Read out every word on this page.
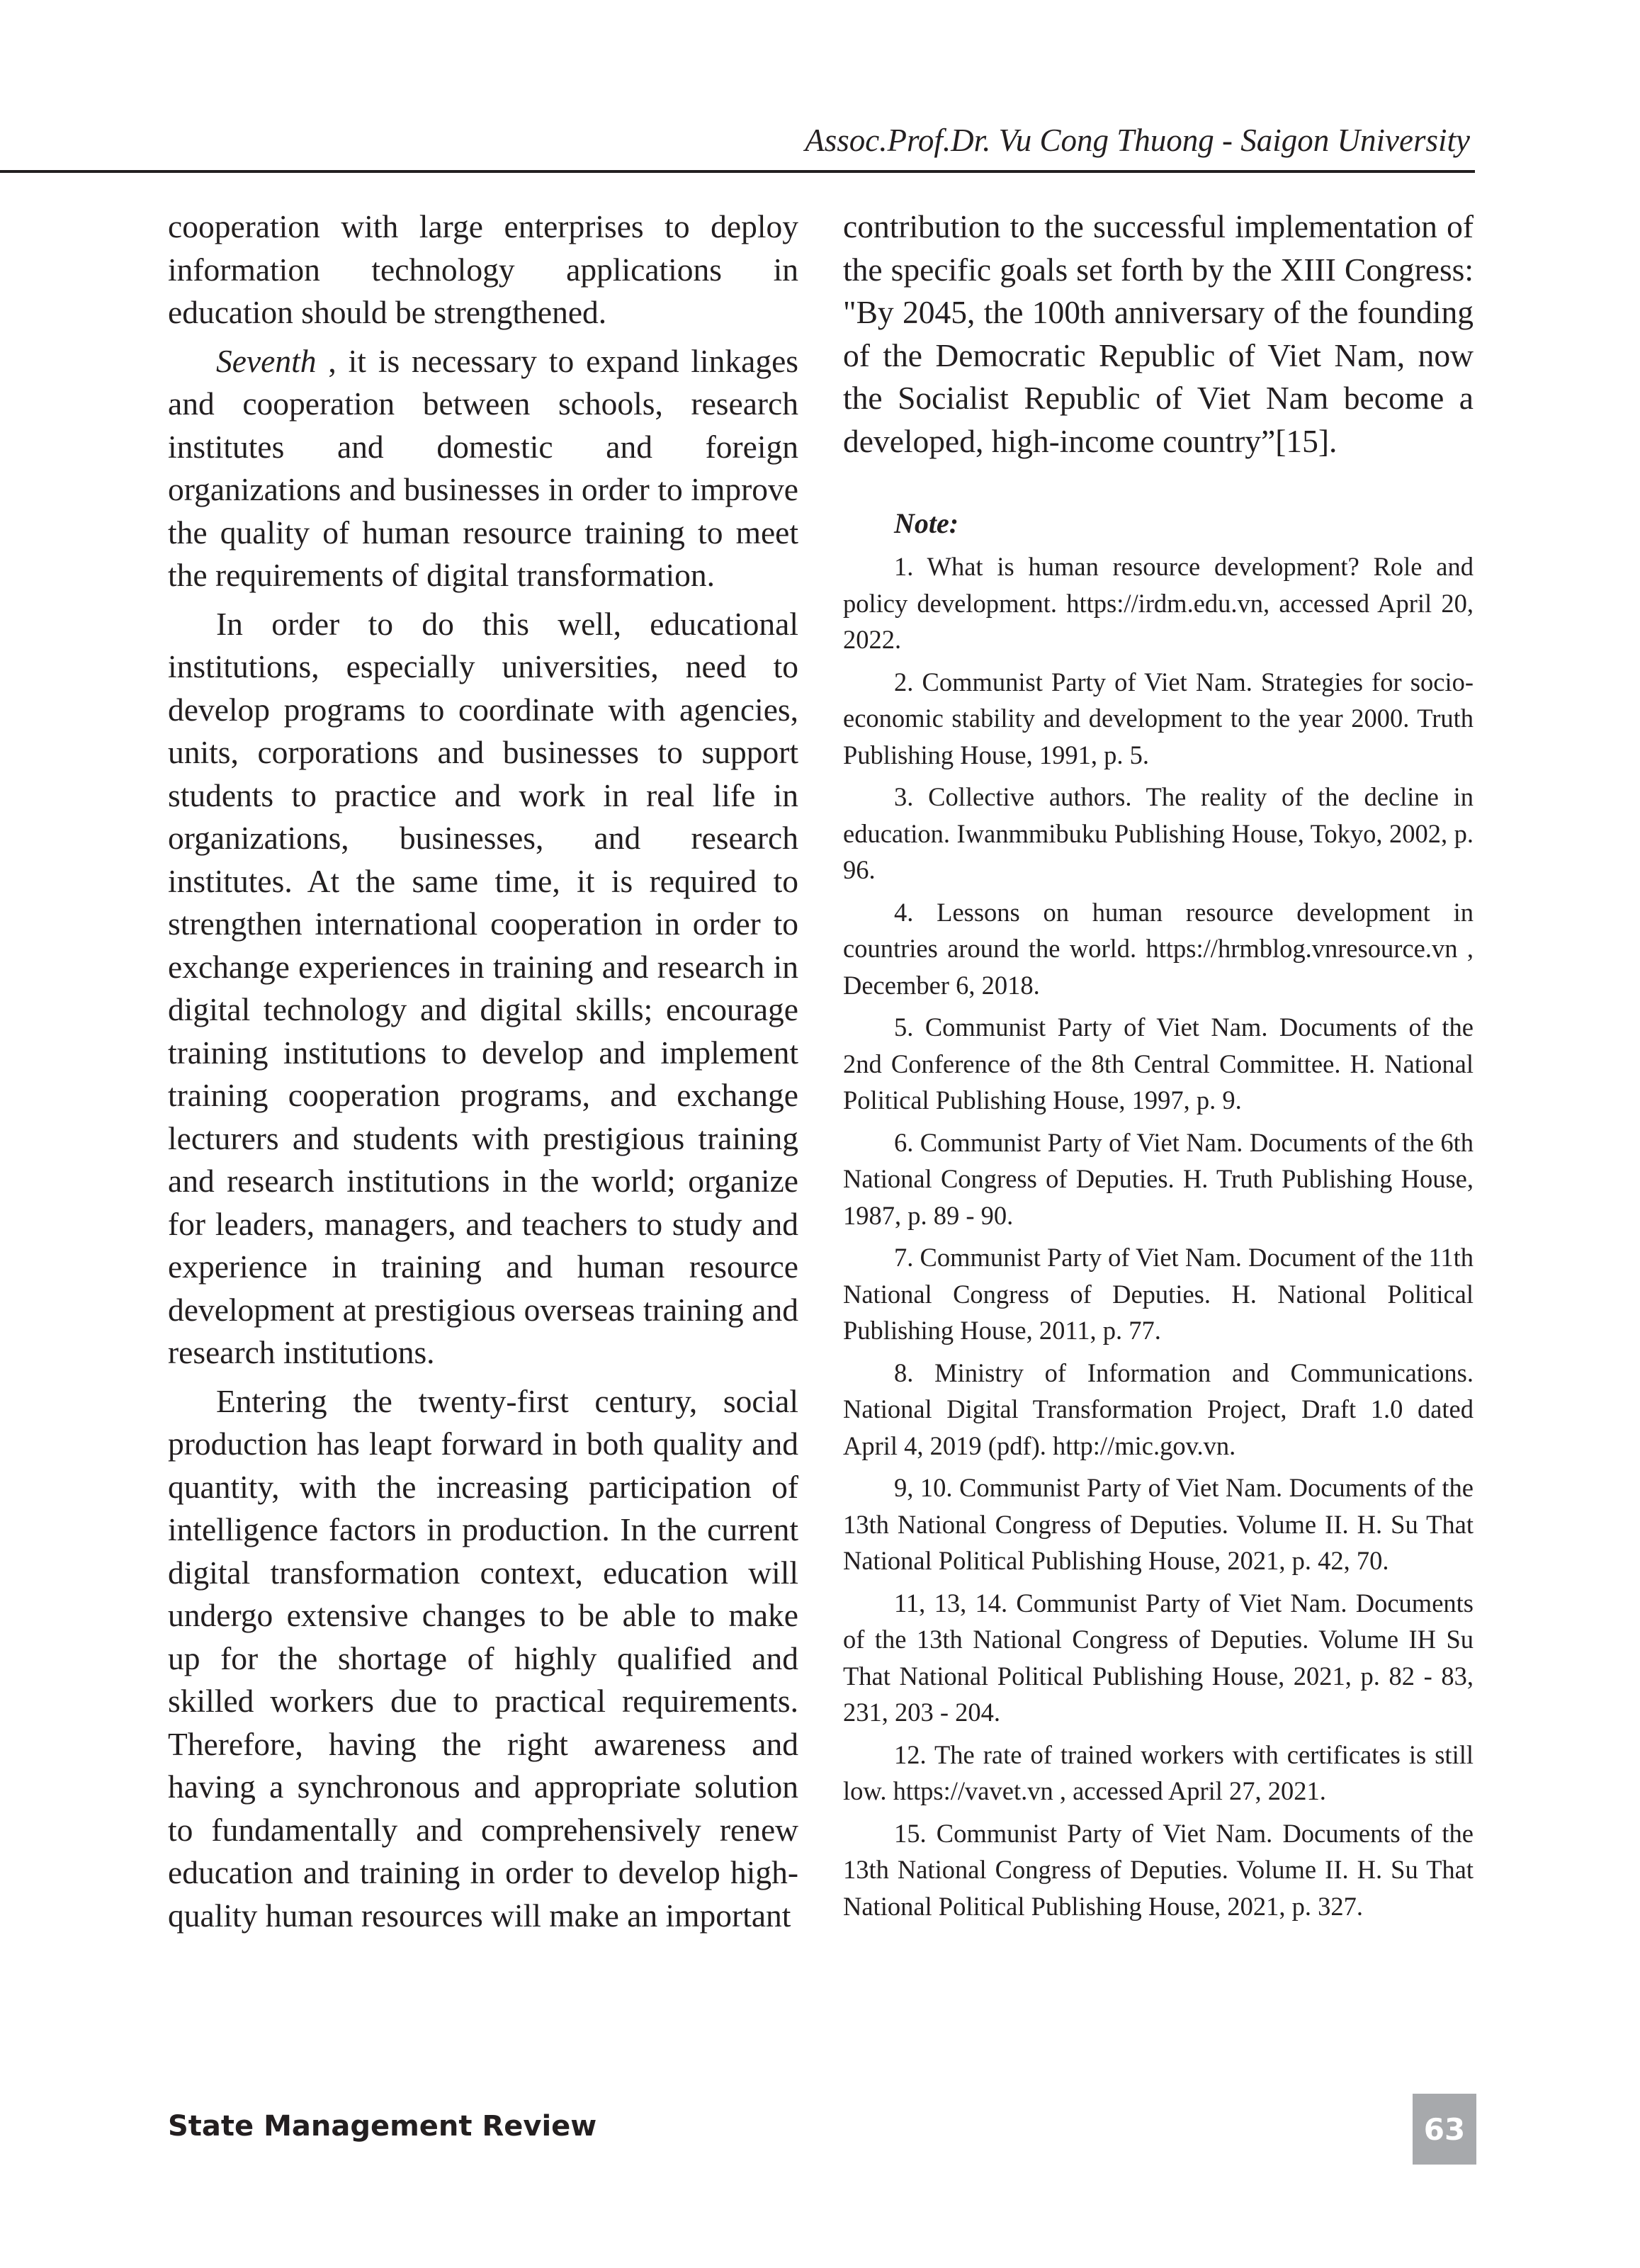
Assoc.Prof.Dr. Vu Cong Thuong - Saigon University

cooperation with large enterprises to deploy information technology applications in education should be strengthened.

Seventh , it is necessary to expand linkages and cooperation between schools, research institutes and domestic and foreign organizations and businesses in order to improve the quality of human resource training to meet the requirements of digital transformation.

In order to do this well, educational institutions, especially universities, need to develop programs to coordinate with agencies, units, corporations and businesses to support students to practice and work in real life in organizations, businesses, and research institutes. At the same time, it is required to strengthen international cooperation in order to exchange experiences in training and research in digital technology and digital skills; encourage training institutions to develop and implement training cooperation programs, and exchange lecturers and students with prestigious training and research institutions in the world; organize for leaders, managers, and teachers to study and experience in training and human resource development at prestigious overseas training and research institutions.

Entering the twenty-first century, social production has leapt forward in both quality and quantity, with the increasing participation of intelligence factors in production. In the current digital transformation context, education will undergo extensive changes to be able to make up for the shortage of highly qualified and skilled workers due to practical requirements. Therefore, having the right awareness and having a synchronous and appropriate solution to fundamentally and comprehensively renew education and training in order to develop high-quality human resources will make an important

contribution to the successful implementation of the specific goals set forth by the XIII Congress: "By 2045, the 100th anniversary of the founding of the Democratic Republic of Viet Nam, now the Socialist Republic of Viet Nam become a developed, high-income country”[15].

Note:
1. What is human resource development? Role and policy development. https://irdm.edu.vn, accessed April 20, 2022.
2. Communist Party of Viet Nam. Strategies for socio-economic stability and development to the year 2000. Truth Publishing House, 1991, p. 5.
3. Collective authors. The reality of the decline in education. Iwanmmibuku Publishing House, Tokyo, 2002, p. 96.
4. Lessons on human resource development in countries around the world. https://hrmblog.vnresource.vn , December 6, 2018.
5. Communist Party of Viet Nam. Documents of the 2nd Conference of the 8th Central Committee. H. National Political Publishing House, 1997, p. 9.
6. Communist Party of Viet Nam. Documents of the 6th National Congress of Deputies. H. Truth Publishing House, 1987, p. 89 - 90.
7. Communist Party of Viet Nam. Document of the 11th National Congress of Deputies. H. National Political Publishing House, 2011, p. 77.
8. Ministry of Information and Communications. National Digital Transformation Project, Draft 1.0 dated April 4, 2019 (pdf). http://mic.gov.vn.
9, 10. Communist Party of Viet Nam. Documents of the 13th National Congress of Deputies. Volume II. H. Su That National Political Publishing House, 2021, p. 42, 70.
11, 13, 14. Communist Party of Viet Nam. Documents of the 13th National Congress of Deputies. Volume IH Su That National Political Publishing House, 2021, p. 82 - 83, 231, 203 - 204.
12. The rate of trained workers with certificates is still low. https://vavet.vn , accessed April 27, 2021.
15. Communist Party of Viet Nam. Documents of the 13th National Congress of Deputies. Volume II. H. Su That National Political Publishing House, 2021, p. 327.
State Management Review	63
